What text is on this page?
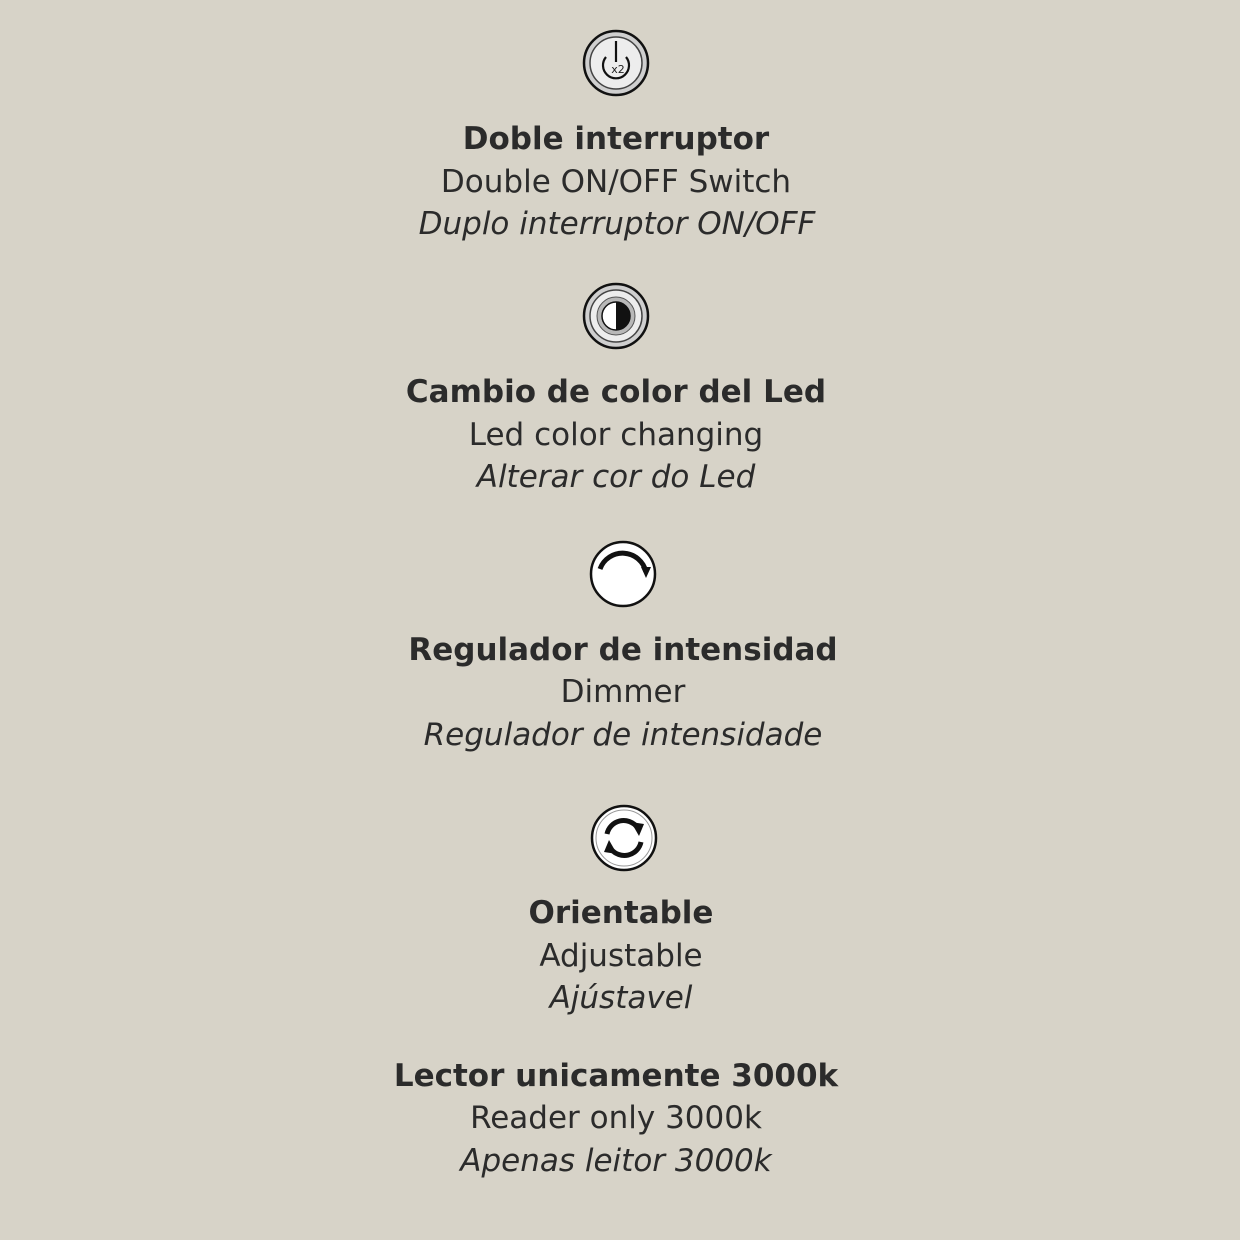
x2
Doble interruptor
Double ON/OFF Switch
Duplo interruptor ON/OFF
Cambio de color del Led
Led color changing
Alterar cor do Led
Regulador de intensidad
Dimmer
Regulador de intensidade
Orientable
Adjustable
Ajústavel
Lector unicamente 3000k
Reader only 3000k
Apenas leitor 3000k
